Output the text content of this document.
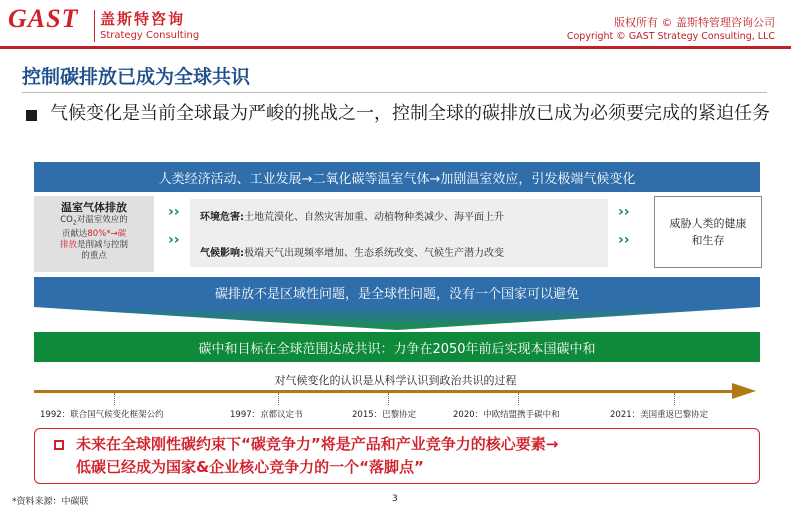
GAST 盖斯特咨询
Strategy Consulting
版权所有 © 盖斯特管理咨询公司
Copyright © GAST Strategy Consulting, LLC
控制碳排放已成为全球共识
气候变化是当前全球最为严峻的挑战之一，控制全球的碳排放已成为必须要完成的紧迫任务
人类经济活动、工业发展→二氧化碳等温室气体→加剧温室效应，引发极端气候变化
温室气体排放
$CO_2$对温室效应的
贡献达80%*→碳
排放是削减与控制
的重点
››
››
环境危害:土地荒漠化、自然灾害加重、动植物种类减少、海平面上升
气候影响:极端天气出现频率增加、生态系统改变、气候生产潜力改变
››
››
威胁人类的健康和生存
碳排放不是区域性问题，是全球性问题，没有一个国家可以避免
碳中和目标在全球范围达成共识：力争在2050年前后实现本国碳中和
对气候变化的认识是从科学认识到政治共识的过程
1992：联合国气候变化框架公约	1997：京都议定书	2015：巴黎协定	2020：中欧结盟携手碳中和	2021：美国重返巴黎协定
未来在全球刚性碳约束下“碳竞争力”将是产品和产业竞争力的核心要素→
低碳已经成为国家&企业核心竞争力的一个“落脚点”
*资料来源：中碳联	3
